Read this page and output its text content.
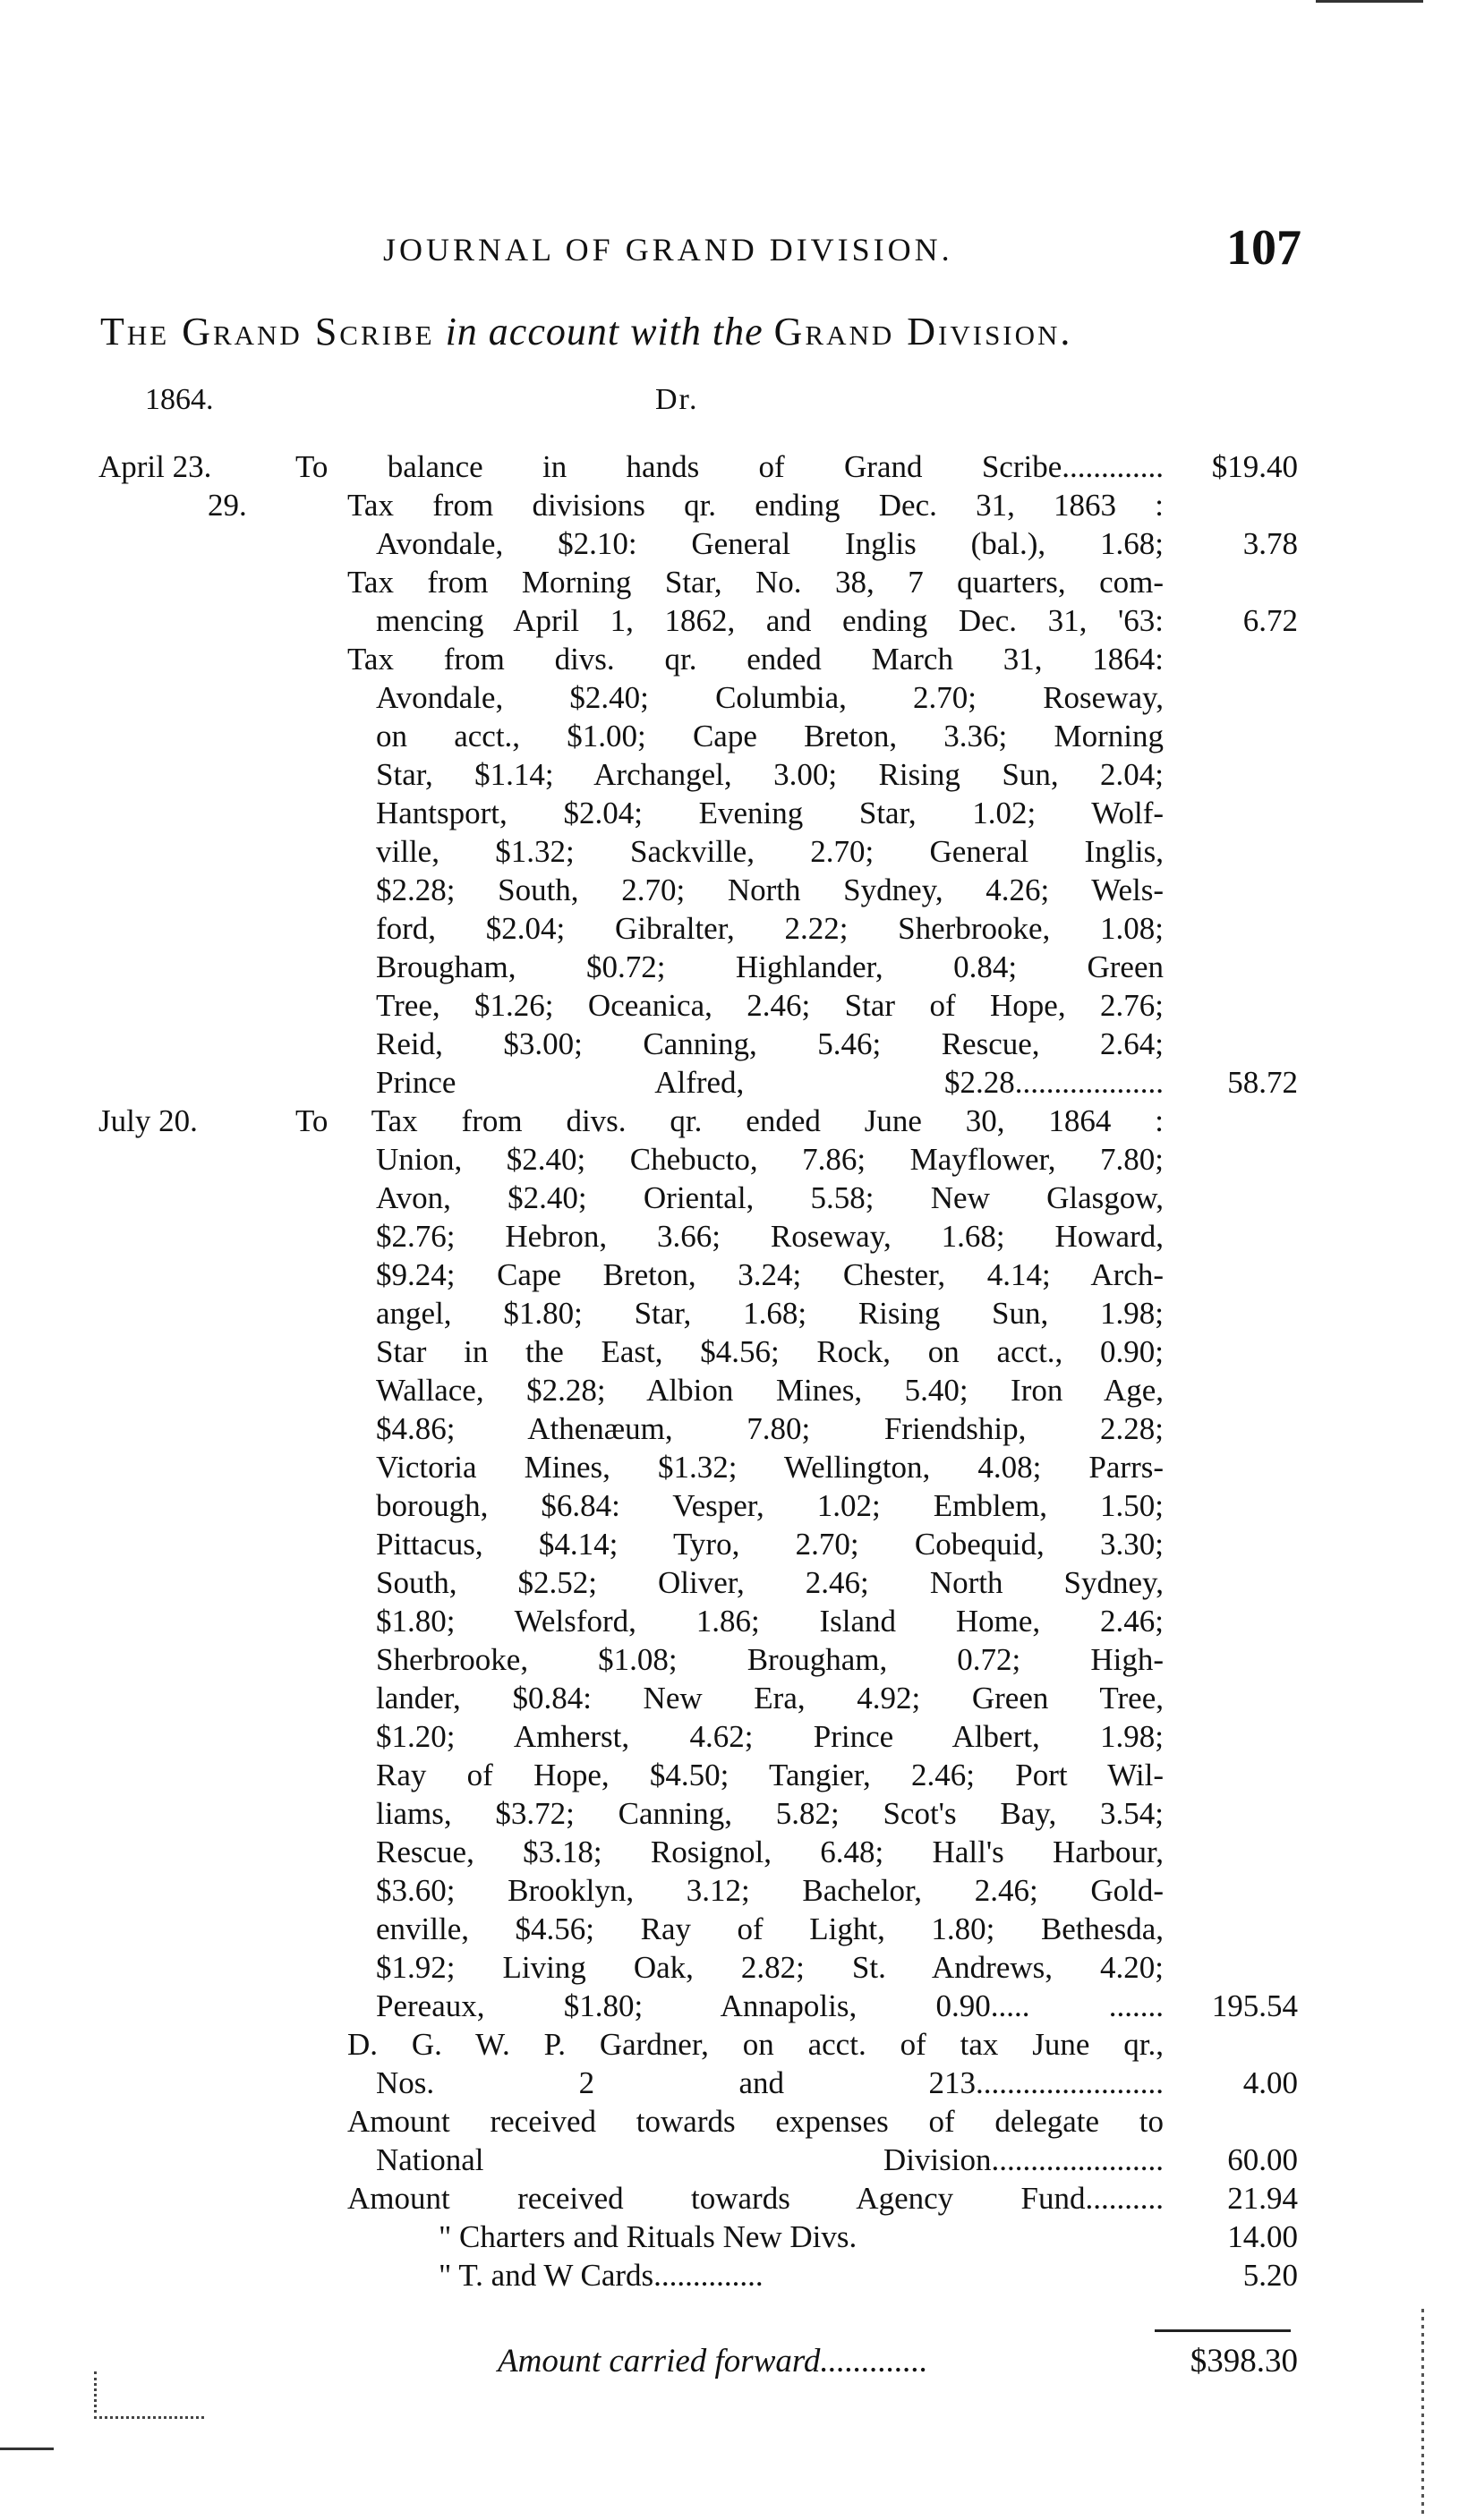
JOURNAL OF GRAND DIVISION.	107
The Grand Scribe in account with the Grand Division.
1864.	Dr.
April 23.	To balance in hands of Grand Scribe............. $19.40
29.	Tax from divisions qr. ending Dec. 31, 1863 :
Avondale, $2.10: General Inglis (bal.), 1.68;	3.78
Tax from Morning Star, No. 38, 7 quarters, com-
mencing April 1, 1862, and ending Dec. 31, '63:	6.72
Tax from divs. qr. ended March 31, 1864:
Avondale, $2.40; Columbia, 2.70; Roseway,
on acct., $1.00; Cape Breton, 3.36; Morning
Star, $1.14; Archangel, 3.00; Rising Sun, 2.04;
Hantsport, $2.04; Evening Star, 1.02; Wolf-
ville, $1.32; Sackville, 2.70; General Inglis,
$2.28; South, 2.70; North Sydney, 4.26; Wels-
ford, $2.04; Gibralter, 2.22; Sherbrooke, 1.08;
Brougham, $0.72; Highlander, 0.84; Green
Tree, $1.26; Oceanica, 2.46; Star of Hope, 2.76;
Reid, $3.00; Canning, 5.46; Rescue, 2.64;
Prince Alfred, $2.28................... 58.72
July 20.	To Tax from divs. qr. ended June 30, 1864 :
Union, $2.40; Chebucto, 7.86; Mayflower, 7.80;
Avon, $2.40; Oriental, 5.58; New Glasgow,
$2.76; Hebron, 3.66; Roseway, 1.68; Howard,
$9.24; Cape Breton, 3.24; Chester, 4.14; Arch-
angel, $1.80; Star, 1.68; Rising Sun, 1.98;
Star in the East, $4.56; Rock, on acct., 0.90;
Wallace, $2.28; Albion Mines, 5.40; Iron Age,
$4.86; Athenæum, 7.80; Friendship, 2.28;
Victoria Mines, $1.32; Wellington, 4.08; Parrs-
borough, $6.84: Vesper, 1.02; Emblem, 1.50;
Pittacus, $4.14; Tyro, 2.70; Cobequid, 3.30;
South, $2.52; Oliver, 2.46; North Sydney,
$1.80; Welsford, 1.86; Island Home, 2.46;
Sherbrooke, $1.08; Brougham, 0.72; High-
lander, $0.84: New Era, 4.92; Green Tree,
$1.20; Amherst, 4.62; Prince Albert, 1.98;
Ray of Hope, $4.50; Tangier, 2.46; Port Wil-
liams, $3.72; Canning, 5.82; Scot's Bay, 3.54;
Rescue, $3.18; Rosignol, 6.48; Hall's Harbour,
$3.60; Brooklyn, 3.12; Bachelor, 2.46; Gold-
enville, $4.56; Ray of Light, 1.80; Bethesda,
$1.92; Living Oak, 2.82; St. Andrews, 4.20;
Pereaux, $1.80; Annapolis, 0.90..... ....... 195.54
D. G. W. P. Gardner, on acct. of tax June qr.,
Nos. 2 and 213........................	4.00
Amount received towards expenses of delegate to
National Division...................... 60.00
Amount received towards Agency Fund.......... 21.94
" Charters and Rituals New Divs.	14.00
" T. and W Cards..............	5.20
Amount carried forward.............	$398.30
